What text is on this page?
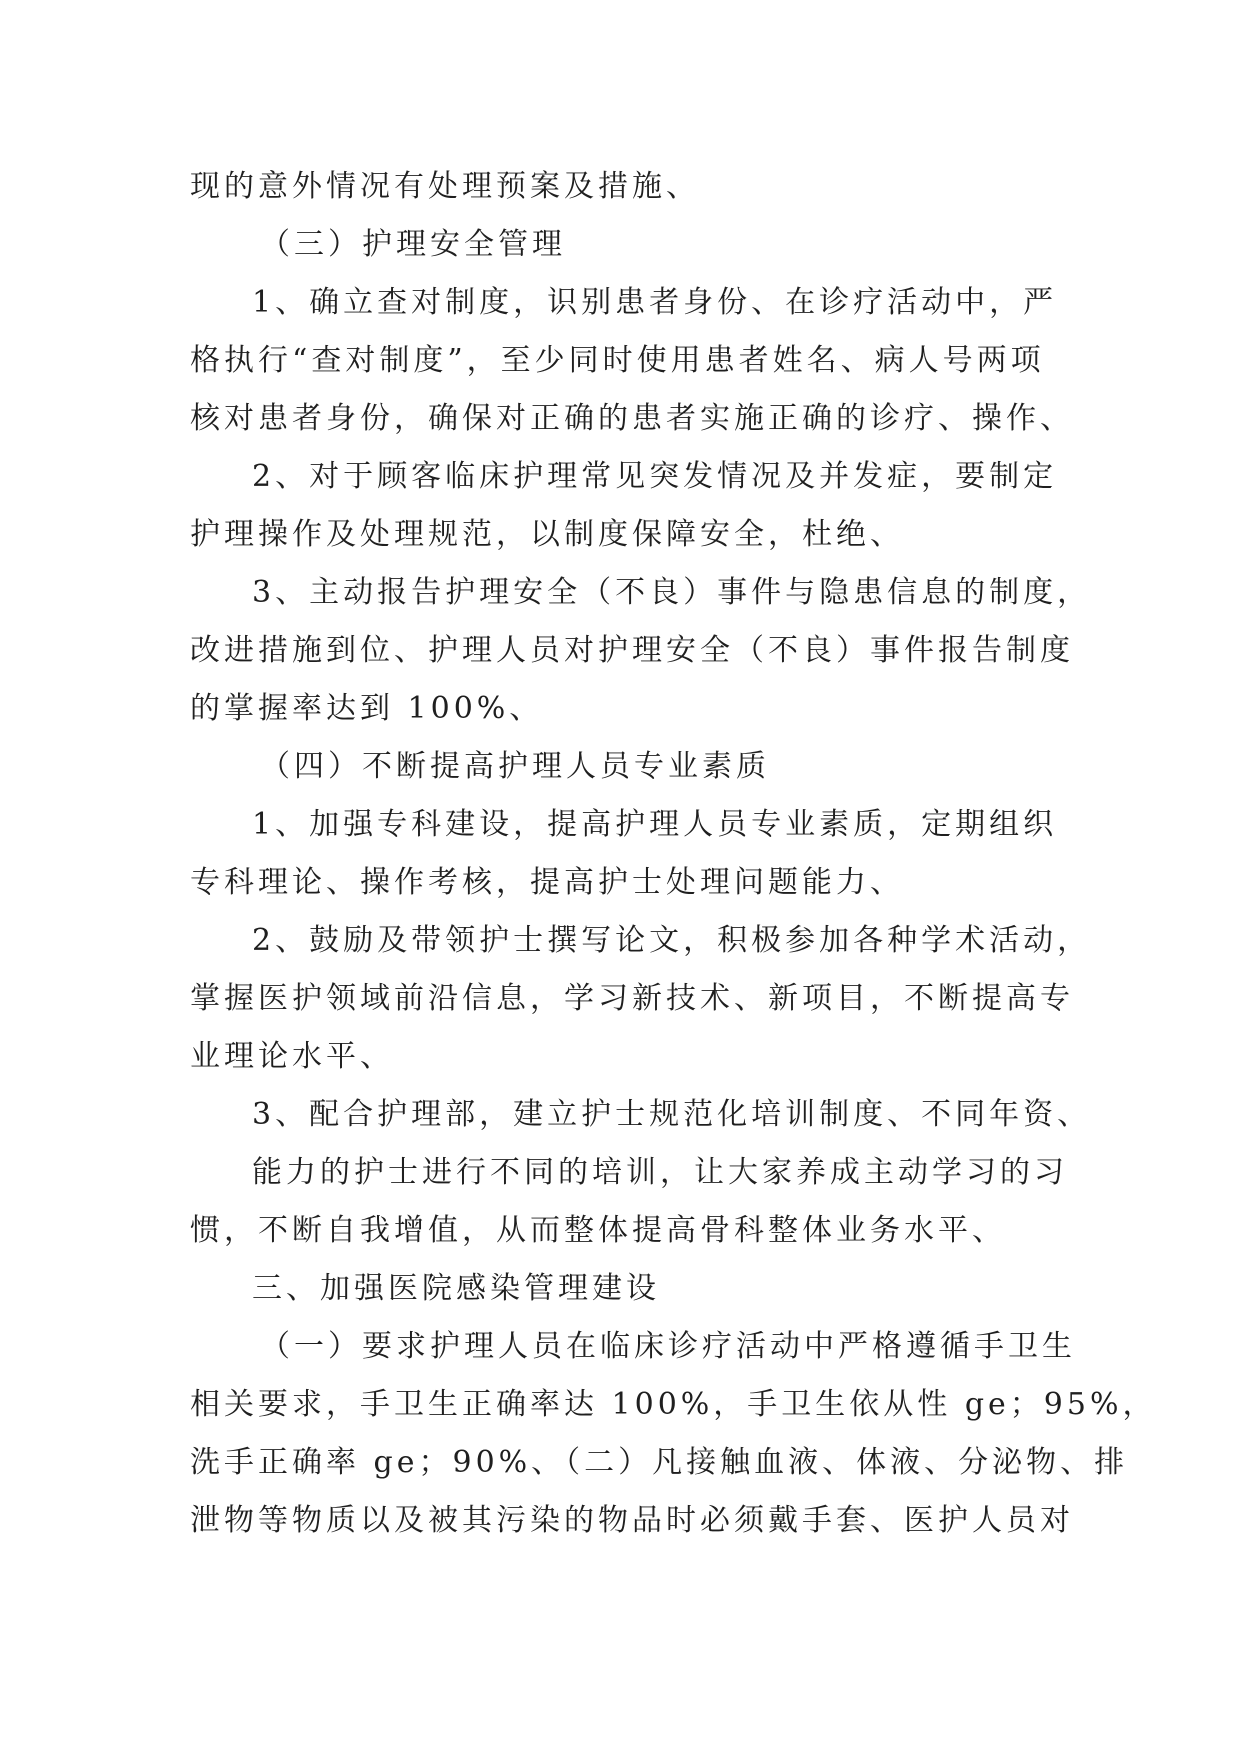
现的意外情况有处理预案及措施、
（三）护理安全管理
1、确立查对制度，识别患者身份、在诊疗活动中，严
格执行“查对制度”，至少同时使用患者姓名、病人号两项
核对患者身份，确保对正确的患者实施正确的诊疗、操作、
2、对于顾客临床护理常见突发情况及并发症，要制定
护理操作及处理规范，以制度保障安全，杜绝、
3、主动报告护理安全（不良）事件与隐患信息的制度，
改进措施到位、护理人员对护理安全（不良）事件报告制度
的掌握率达到 100%、
（四）不断提高护理人员专业素质
1、加强专科建设，提高护理人员专业素质，定期组织
专科理论、操作考核，提高护士处理问题能力、
2、鼓励及带领护士撰写论文，积极参加各种学术活动，
掌握医护领域前沿信息，学习新技术、新项目，不断提高专
业理论水平、
3、配合护理部，建立护士规范化培训制度、不同年资、
能力的护士进行不同的培训，让大家养成主动学习的习
惯，不断自我增值，从而整体提高骨科整体业务水平、
三、加强医院感染管理建设
（一）要求护理人员在临床诊疗活动中严格遵循手卫生
相关要求，手卫生正确率达 100%，手卫生依从性 ge；95%，
洗手正确率 ge；90%、（二）凡接触血液、体液、分泌物、排
泄物等物质以及被其污染的物品时必须戴手套、医护人员对
